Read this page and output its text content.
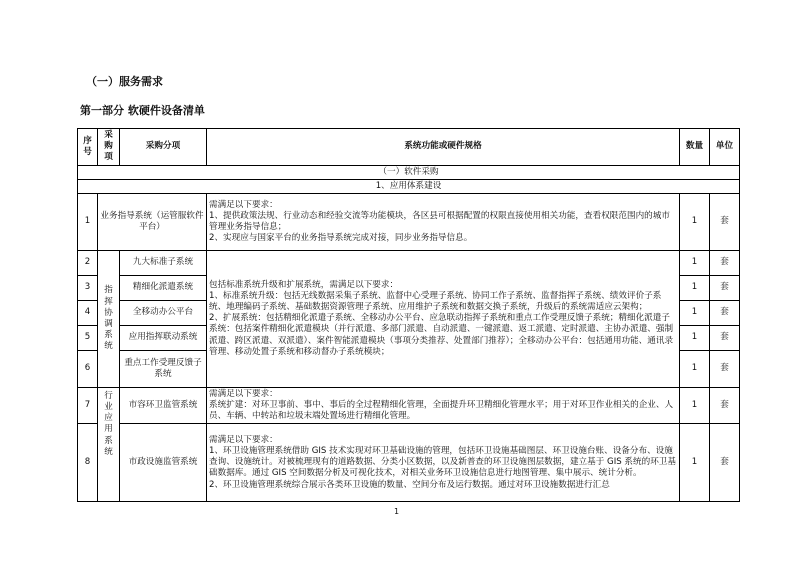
（一）服务需求
第一部分 软硬件设备清单
序号	采购项	采购分项	系统功能或硬件规格	数量	单位
（一）软件采购					
1、应用体系建设					
1	业务指导系统（运管服软件平台）		需满足以下要求：

1、提供政策法规、行业动态和经验交流等功能模块，各区县可根据配置的权限直接使用相关功能，查看权限范围内的城市管理业务指导信息；

2、实现应与国家平台的业务指导系统完成对接，同步业务指导信息。	1	套
2	指挥协调系统	九大标准子系统	包括标准系统升级和扩展系统，需满足以下要求：

1、标准系统升级：包括无线数据采集子系统、监督中心受理子系统、协同工作子系统、监督指挥子系统、绩效评价子系统、地理编码子系统、基础数据资源管理子系统、应用维护子系统和数据交换子系统，升级后的系统需适应云架构；

2、扩展系统：包括精细化派遣子系统、全移动办公平台、应急联动指挥子系统和重点工作受理反馈子系统；精细化派遣子系统：包括案件精细化派遣模块（并行派遣、多部门派遣、自动派遣、一键派遣、返工派遣、定时派遣、主协办派遣、强制派遣、跨区派遣、双派遣）、案件智能派遣模块（事项分类推荐、处置部门推荐）；全移动办公平台：包括通用功能、通讯录管理、移动处置子系统和移动督办子系统模块；	1	套
3		精细化派遣系统		1	套
4		全移动办公平台		1	套
5		应用指挥联动系统		1	套
6		重点工作受理反馈子系统		1	套
7	行业应用系统	市容环卫监管系统	需满足以下要求：

系统扩建：对环卫事前、事中、事后的全过程精细化管理，全面提升环卫精细化管理水平；用于对环卫作业相关的企业、人员、车辆、中转站和垃圾末端处置场进行精细化管理。	1	套
8		市政设施监管系统	需满足以下要求：

1、环卫设施管理系统借助 GIS 技术实现对环卫基础设施的管理，包括环卫设施基础图层、环卫设施台账、设备分布、设施查询、设施统计。对被梳理现有的道路数据、分类小区数据，以及新普查的环卫设施图层数据，建立基于 GIS 系统的环卫基础数据库。通过 GIS 空间数据分析及可视化技术，对相关业务环卫设施信息进行地图管理、集中展示、统计分析。

2、环卫设施管理系统综合展示各类环卫设施的数量、空间分布及运行数据。通过对环卫设施数据进行汇总	1	套
1
